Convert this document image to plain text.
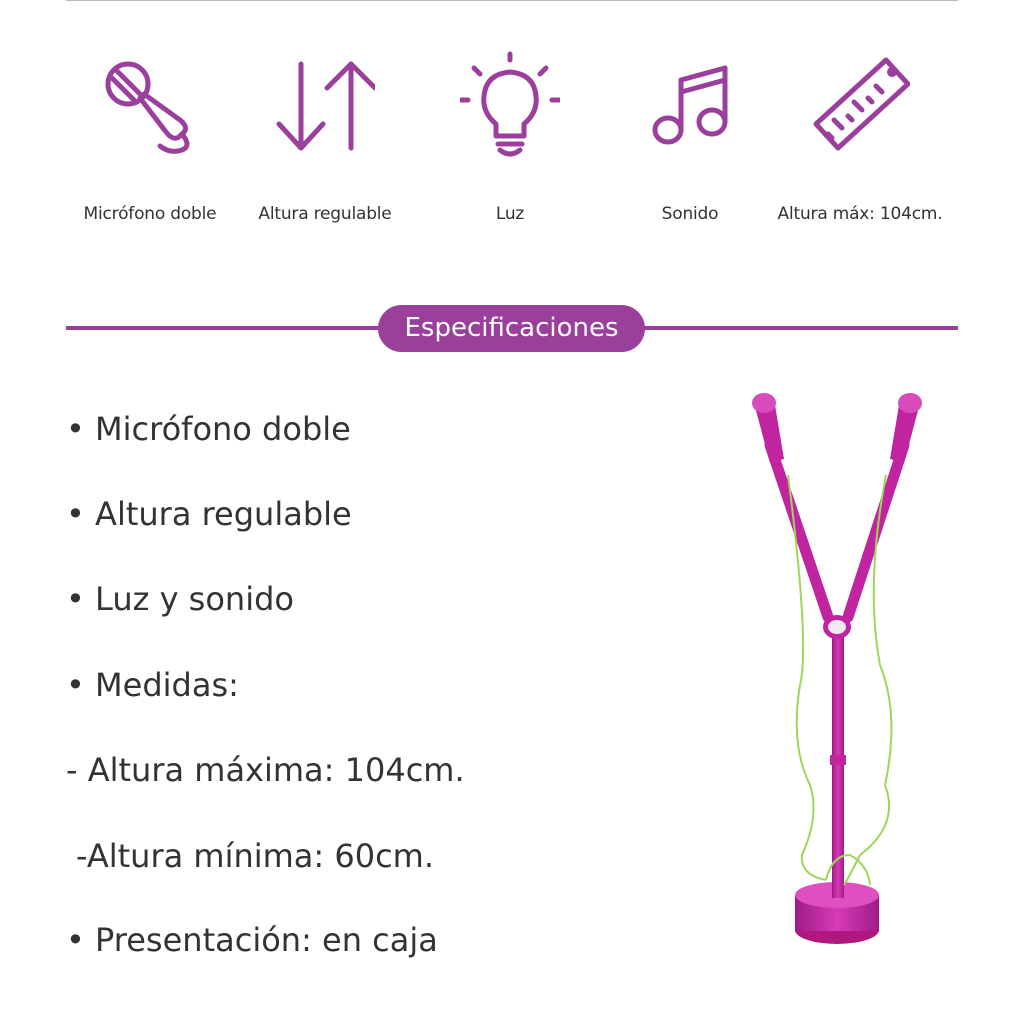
Micrófono doble	Altura regulable	Luz	Sonido	Altura máx: 104cm.
Especificaciones
• Micrófono doble
• Altura regulable
• Luz y sonido
• Medidas:
- Altura máxima: 104cm.
-Altura mínima: 60cm.
• Presentación: en caja
